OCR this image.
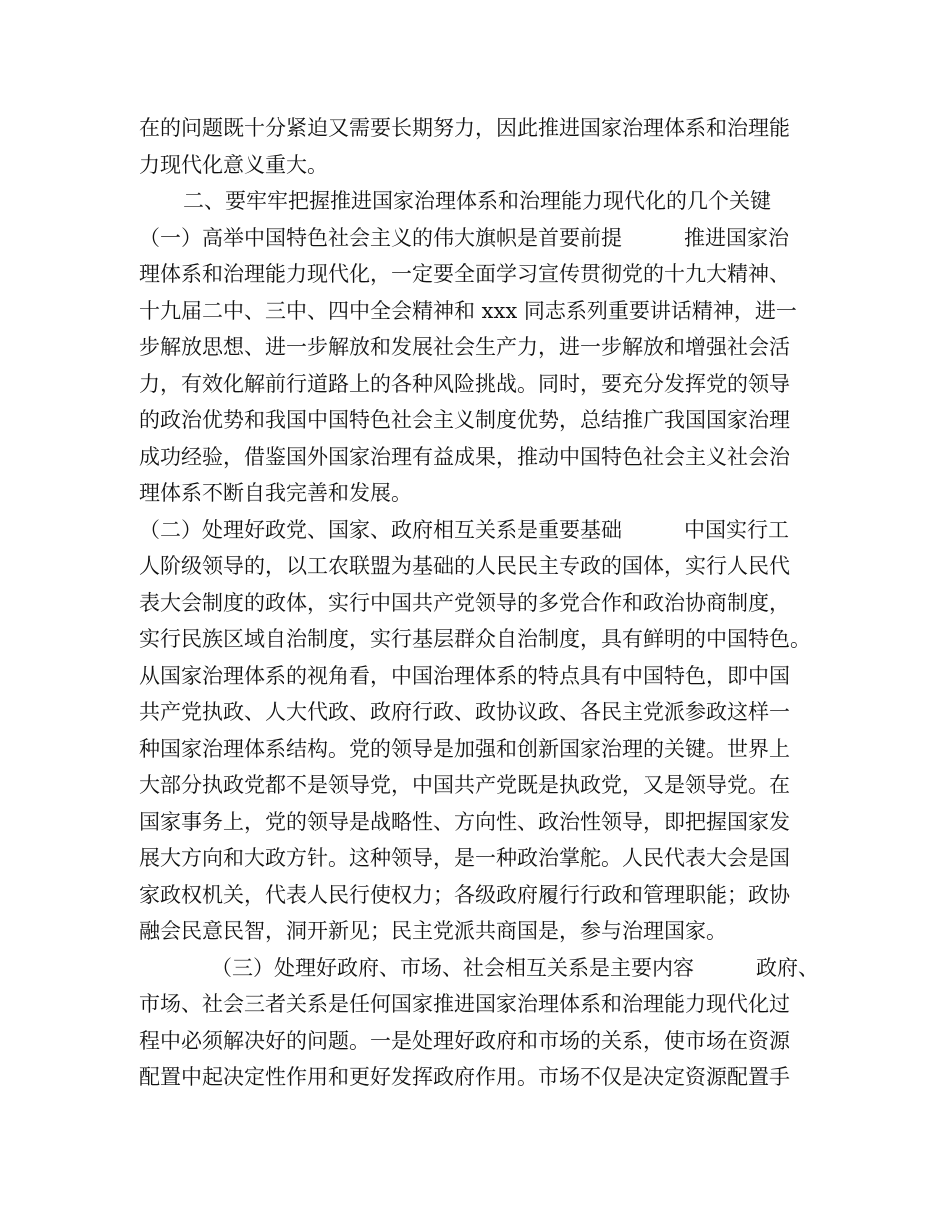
在的问题既十分紧迫又需要长期努力，因此推进国家治理体系和治理能
力现代化意义重大。
二、要牢牢把握推进国家治理体系和治理能力现代化的几个关键
（一）高举中国特色社会主义的伟大旗帜是首要前提	推进国家治
理体系和治理能力现代化，一定要全面学习宣传贯彻党的十九大精神、
十九届二中、三中、四中全会精神和 xxx 同志系列重要讲话精神，进一
步解放思想、进一步解放和发展社会生产力，进一步解放和增强社会活
力，有效化解前行道路上的各种风险挑战。同时，要充分发挥党的领导
的政治优势和我国中国特色社会主义制度优势，总结推广我国国家治理
成功经验，借鉴国外国家治理有益成果，推动中国特色社会主义社会治
理体系不断自我完善和发展。
（二）处理好政党、国家、政府相互关系是重要基础	中国实行工
人阶级领导的，以工农联盟为基础的人民民主专政的国体，实行人民代
表大会制度的政体，实行中国共产党领导的多党合作和政治协商制度，
实行民族区域自治制度，实行基层群众自治制度，具有鲜明的中国特色。
从国家治理体系的视角看，中国治理体系的特点具有中国特色，即中国
共产党执政、人大代政、政府行政、政协议政、各民主党派参政这样一
种国家治理体系结构。党的领导是加强和创新国家治理的关键。世界上
大部分执政党都不是领导党，中国共产党既是执政党，又是领导党。在
国家事务上，党的领导是战略性、方向性、政治性领导，即把握国家发
展大方向和大政方针。这种领导，是一种政治掌舵。人民代表大会是国
家政权机关，代表人民行使权力；各级政府履行行政和管理职能；政协
融会民意民智，洞开新见；民主党派共商国是，参与治理国家。
（三）处理好政府、市场、社会相互关系是主要内容	政府、
市场、社会三者关系是任何国家推进国家治理体系和治理能力现代化过
程中必须解决好的问题。一是处理好政府和市场的关系，使市场在资源
配置中起决定性作用和更好发挥政府作用。市场不仅是决定资源配置手
